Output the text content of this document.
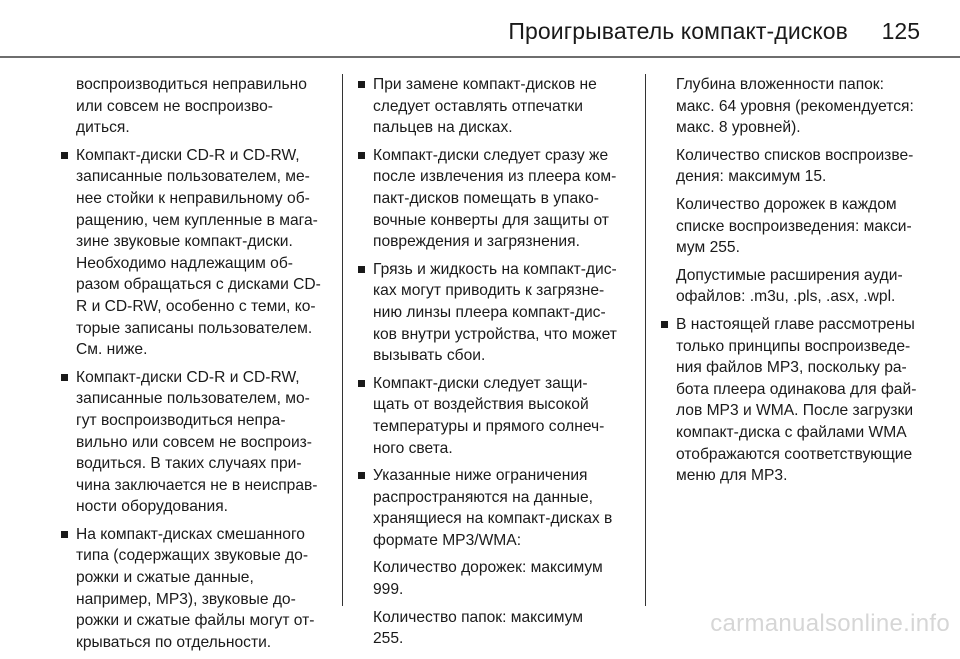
Проигрыватель компакт-дисков 125
воспроизводиться неправильно
или совсем не воспроизво-
диться.
Компакт-диски CD-R и CD-RW,
записанные пользователем, ме-
нее стойки к неправильному об-
ращению, чем купленные в мага-
зине звуковые компакт-диски.
Необходимо надлежащим об-
разом обращаться с дисками CD-
R и CD-RW, особенно с теми, ко-
торые записаны пользователем.
См. ниже.
Компакт-диски CD-R и CD-RW,
записанные пользователем, мо-
гут воспроизводиться непра-
вильно или совсем не воспроиз-
водиться. В таких случаях при-
чина заключается не в неисправ-
ности оборудования.
На компакт-дисках смешанного
типа (содержащих звуковые до-
рожки и сжатые данные,
например, MP3), звуковые до-
рожки и сжатые файлы могут от-
крываться по отдельности.
При замене компакт-дисков не
следует оставлять отпечатки
пальцев на дисках.
Компакт-диски следует сразу же
после извлечения из плеера ком-
пакт-дисков помещать в упако-
вочные конверты для защиты от
повреждения и загрязнения.
Грязь и жидкость на компакт-дис-
ках могут приводить к загрязне-
нию линзы плеера компакт-дис-
ков внутри устройства, что может
вызывать сбои.
Компакт-диски следует защи-
щать от воздействия высокой
температуры и прямого солнеч-
ного света.
Указанные ниже ограничения
распространяются на данные,
хранящиеся на компакт-дисках в
формате MP3/WMA:
Количество дорожек: максимум
999.
Количество папок: максимум
255.
Глубина вложенности папок:
макс. 64 уровня (рекомендуется:
макс. 8 уровней).
Количество списков воспроизве-
дения: максимум 15.
Количество дорожек в каждом
списке воспроизведения: макси-
мум 255.
Допустимые расширения ауди-
офайлов: .m3u, .pls, .asx, .wpl.
В настоящей главе рассмотрены
только принципы воспроизведе-
ния файлов MP3, поскольку ра-
бота плеера одинакова для фай-
лов MP3 и WMA. После загрузки
компакт-диска с файлами WMA
отображаются соответствующие
меню для MP3.
carmanualsonline.info
